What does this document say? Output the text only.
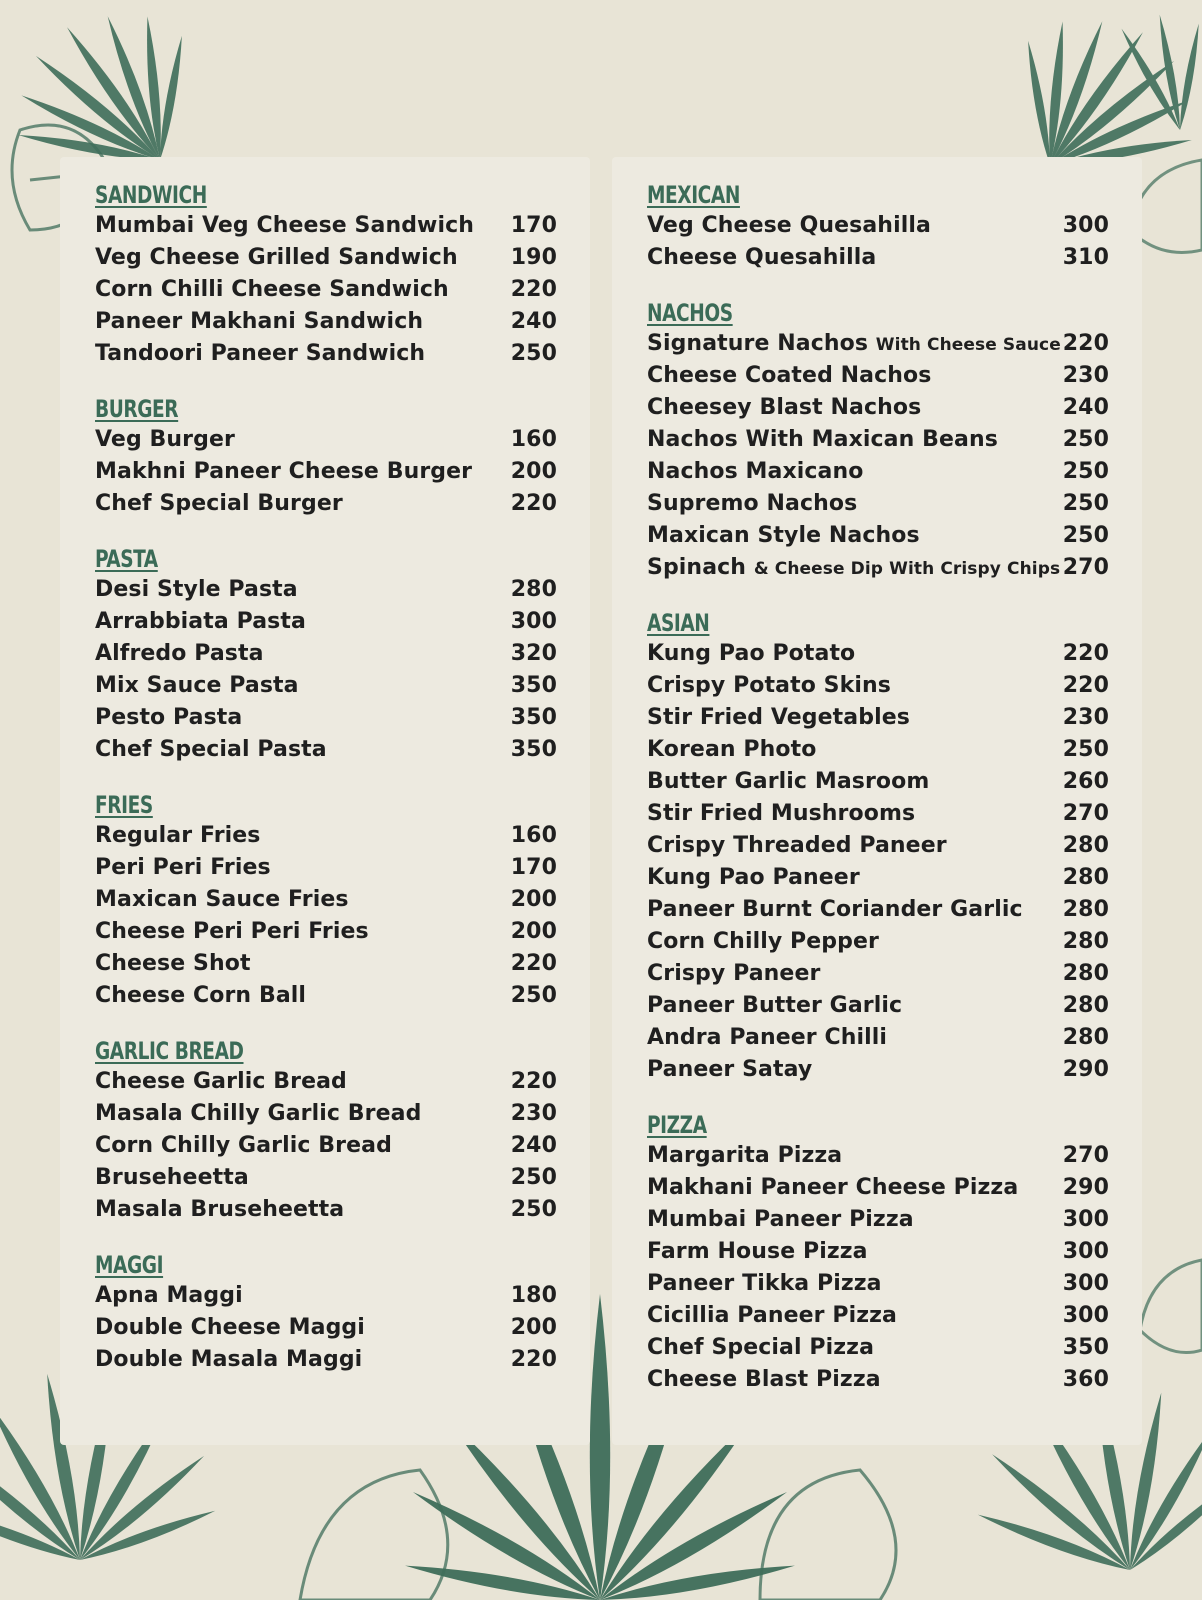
SANDWICH
Mumbai Veg Cheese Sandwich 170
Veg Cheese Grilled Sandwich 190
Corn Chilli Cheese Sandwich	220
Paneer Makhani Sandwich	240
Tandoori Paneer Sandwich	250
BURGER
Veg Burger	160
Makhni Paneer Cheese Burger 200
Chef Special Burger	220
PASTA
Desi Style Pasta	280
Arrabbiata Pasta	300
Alfredo Pasta	320
Mix Sauce Pasta	350
Pesto Pasta	350
Chef Special Pasta	350
FRIES
Regular Fries	160
Peri Peri Fries	170
Maxican Sauce Fries	200
Cheese Peri Peri Fries	200
Cheese Shot	220
Cheese Corn Ball	250
GARLIC BREAD
Cheese Garlic Bread	220
Masala Chilly Garlic Bread	230
Corn Chilly Garlic Bread	240
Bruseheetta	250
Masala Bruseheetta	250
MAGGI
Apna Maggi	180
Double Cheese Maggi	200
Double Masala Maggi	220
MEXICAN
Veg Cheese Quesahilla	300
Cheese Quesahilla	310
NACHOS
Signature Nachos With Cheese Sauce 220
Cheese Coated Nachos	230
Cheesey Blast Nachos	240
Nachos With Maxican Beans	250
Nachos Maxicano	250
Supremo Nachos	250
Maxican Style Nachos	250
Spinach & Cheese Dip With Crispy Chips 270
ASIAN
Kung Pao Potato	220
Crispy Potato Skins	220
Stir Fried Vegetables	230
Korean Photo	250
Butter Garlic Masroom	260
Stir Fried Mushrooms	270
Crispy Threaded Paneer	280
Kung Pao Paneer	280
Paneer Burnt Coriander Garlic 280
Corn Chilly Pepper	280
Crispy Paneer	280
Paneer Butter Garlic	280
Andra Paneer Chilli	280
Paneer Satay	290
PIZZA
Margarita Pizza	270
Makhani Paneer Cheese Pizza 290
Mumbai Paneer Pizza	300
Farm House Pizza	300
Paneer Tikka Pizza	300
Cicillia Paneer Pizza	300
Chef Special Pizza	350
Cheese Blast Pizza	360
